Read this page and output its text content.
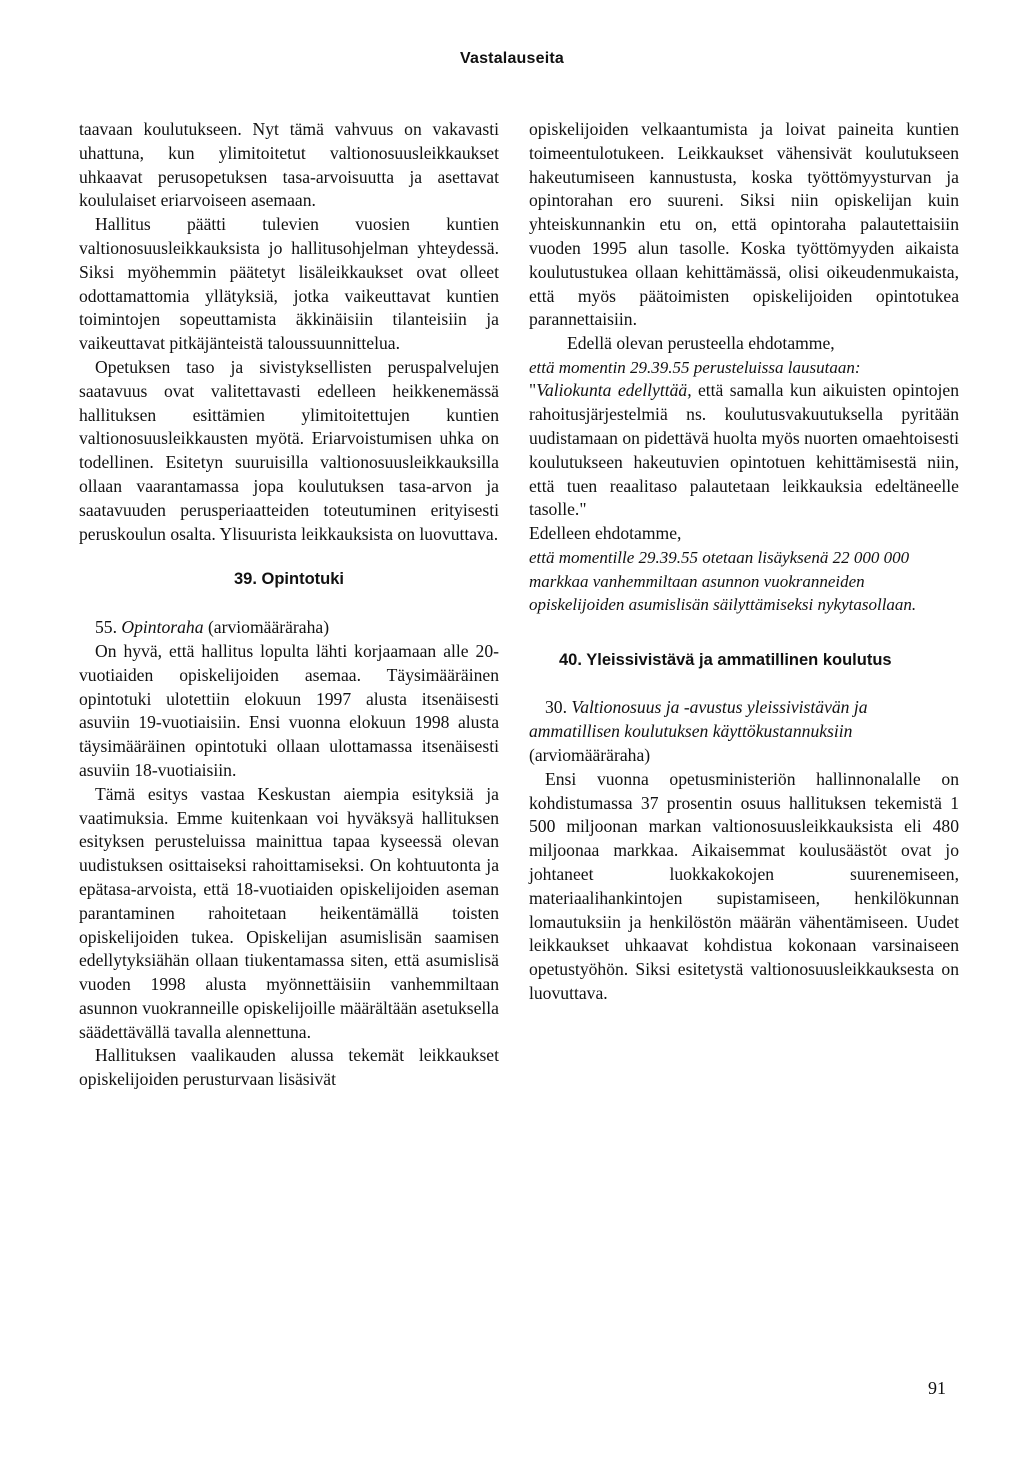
Vastalauseita

taavaan koulutukseen. Nyt tämä vahvuus on vakavasti uhattuna, kun ylimitoitetut valtionosuusleikkaukset uhkaavat perusopetuksen tasa-arvoisuutta ja asettavat koululaiset eriarvoiseen asemaan.

Hallitus päätti tulevien vuosien kuntien valtionosuusleikkauksista jo hallitusohjelman yhteydessä. Siksi myöhemmin päätetyt lisäleikkaukset ovat olleet odottamattomia yllätyksiä, jotka vaikeuttavat kuntien toimintojen sopeuttamista äkkinäisiin tilanteisiin ja vaikeuttavat pitkäjänteistä taloussuunnittelua.

Opetuksen taso ja sivistyksellisten peruspalvelujen saatavuus ovat valitettavasti edelleen heikkenemässä hallituksen esittämien ylimitoitettujen kuntien valtionosuusleikkausten myötä. Eriarvoistumisen uhka on todellinen. Esitetyn suuruisilla valtionosuusleikkauksilla ollaan vaarantamassa jopa koulutuksen tasa-arvon ja saatavuuden perusperiaatteiden toteutuminen erityisesti peruskoulun osalta. Ylisuurista leikkauksista on luovuttava.

39. Opintotuki

55. Opintoraha (arviomääräraha)

On hyvä, että hallitus lopulta lähti korjaamaan alle 20-vuotiaiden opiskelijoiden asemaa. Täysimääräinen opintotuki ulotettiin elokuun 1997 alusta itsenäisesti asuviin 19-vuotiaisiin. Ensi vuonna elokuun 1998 alusta täysimääräinen opintotuki ollaan ulottamassa itsenäisesti asuviin 18-vuotiaisiin.

Tämä esitys vastaa Keskustan aiempia esityksiä ja vaatimuksia. Emme kuitenkaan voi hyväksyä hallituksen esityksen perusteluissa mainittua tapaa kyseessä olevan uudistuksen osittaiseksi rahoittamiseksi. On kohtuutonta ja epätasa-arvoista, että 18-vuotiaiden opiskelijoiden aseman parantaminen rahoitetaan heikentämällä toisten opiskelijoiden tukea. Opiskelijan asumislisän saamisen edellytyksiähän ollaan tiukentamassa siten, että asumislisä vuoden 1998 alusta myönnettäisiin vanhemmiltaan asunnon vuokranneille opiskelijoille määrältään asetuksella säädettävällä tavalla alennettuna.

Hallituksen vaalikauden alussa tekemät leikkaukset opiskelijoiden perusturvaan lisäsivät

opiskelijoiden velkaantumista ja loivat paineita kuntien toimeentulotukeen. Leikkaukset vähensivät koulutukseen hakeutumiseen kannustusta, koska työttömyysturvan ja opintorahan ero suureni. Siksi niin opiskelijan kuin yhteiskunnankin etu on, että opintoraha palautettaisiin vuoden 1995 alun tasolle. Koska työttömyyden aikaista koulutustukea ollaan kehittämässä, olisi oikeudenmukaista, että myös päätoimisten opiskelijoiden opintotukea parannettaisiin.

Edellä olevan perusteella ehdotamme,

että momentin 29.39.55 perusteluissa lausutaan:

"Valiokunta edellyttää, että samalla kun aikuisten opintojen rahoitusjärjestelmiä ns. koulutusvakuutuksella pyritään uudistamaan on pidettävä huolta myös nuorten omaehtoisesti koulutukseen hakeutuvien opintotuen kehittämisestä niin, että tuen reaalitaso palautetaan leikkauksia edeltäneelle tasolle."

Edelleen ehdotamme,

että momentille 29.39.55 otetaan lisäyksenä 22 000 000 markkaa vanhemmiltaan asunnon vuokranneiden opiskelijoiden asumislisän säilyttämiseksi nykytasollaan.

40. Yleissivistävä ja ammatillinen koulutus

30. Valtionosuus ja -avustus yleissivistävän ja ammatillisen koulutuksen käyttökustannuksiin (arviomääräraha)

Ensi vuonna opetusministeriön hallinnonalalle on kohdistumassa 37 prosentin osuus hallituksen tekemistä 1 500 miljoonan markan valtionosuusleikkauksista eli 480 miljoonaa markkaa. Aikaisemmat koulusäästöt ovat jo johtaneet luokkakokojen suurenemiseen, materiaalihankintojen supistamiseen, henkilökunnan lomautuksiin ja henkilöstön määrän vähentämiseen. Uudet leikkaukset uhkaavat kohdistua kokonaan varsinaiseen opetustyöhön. Siksi esitetystä valtionosuusleikkauksesta on luovuttava.

91
